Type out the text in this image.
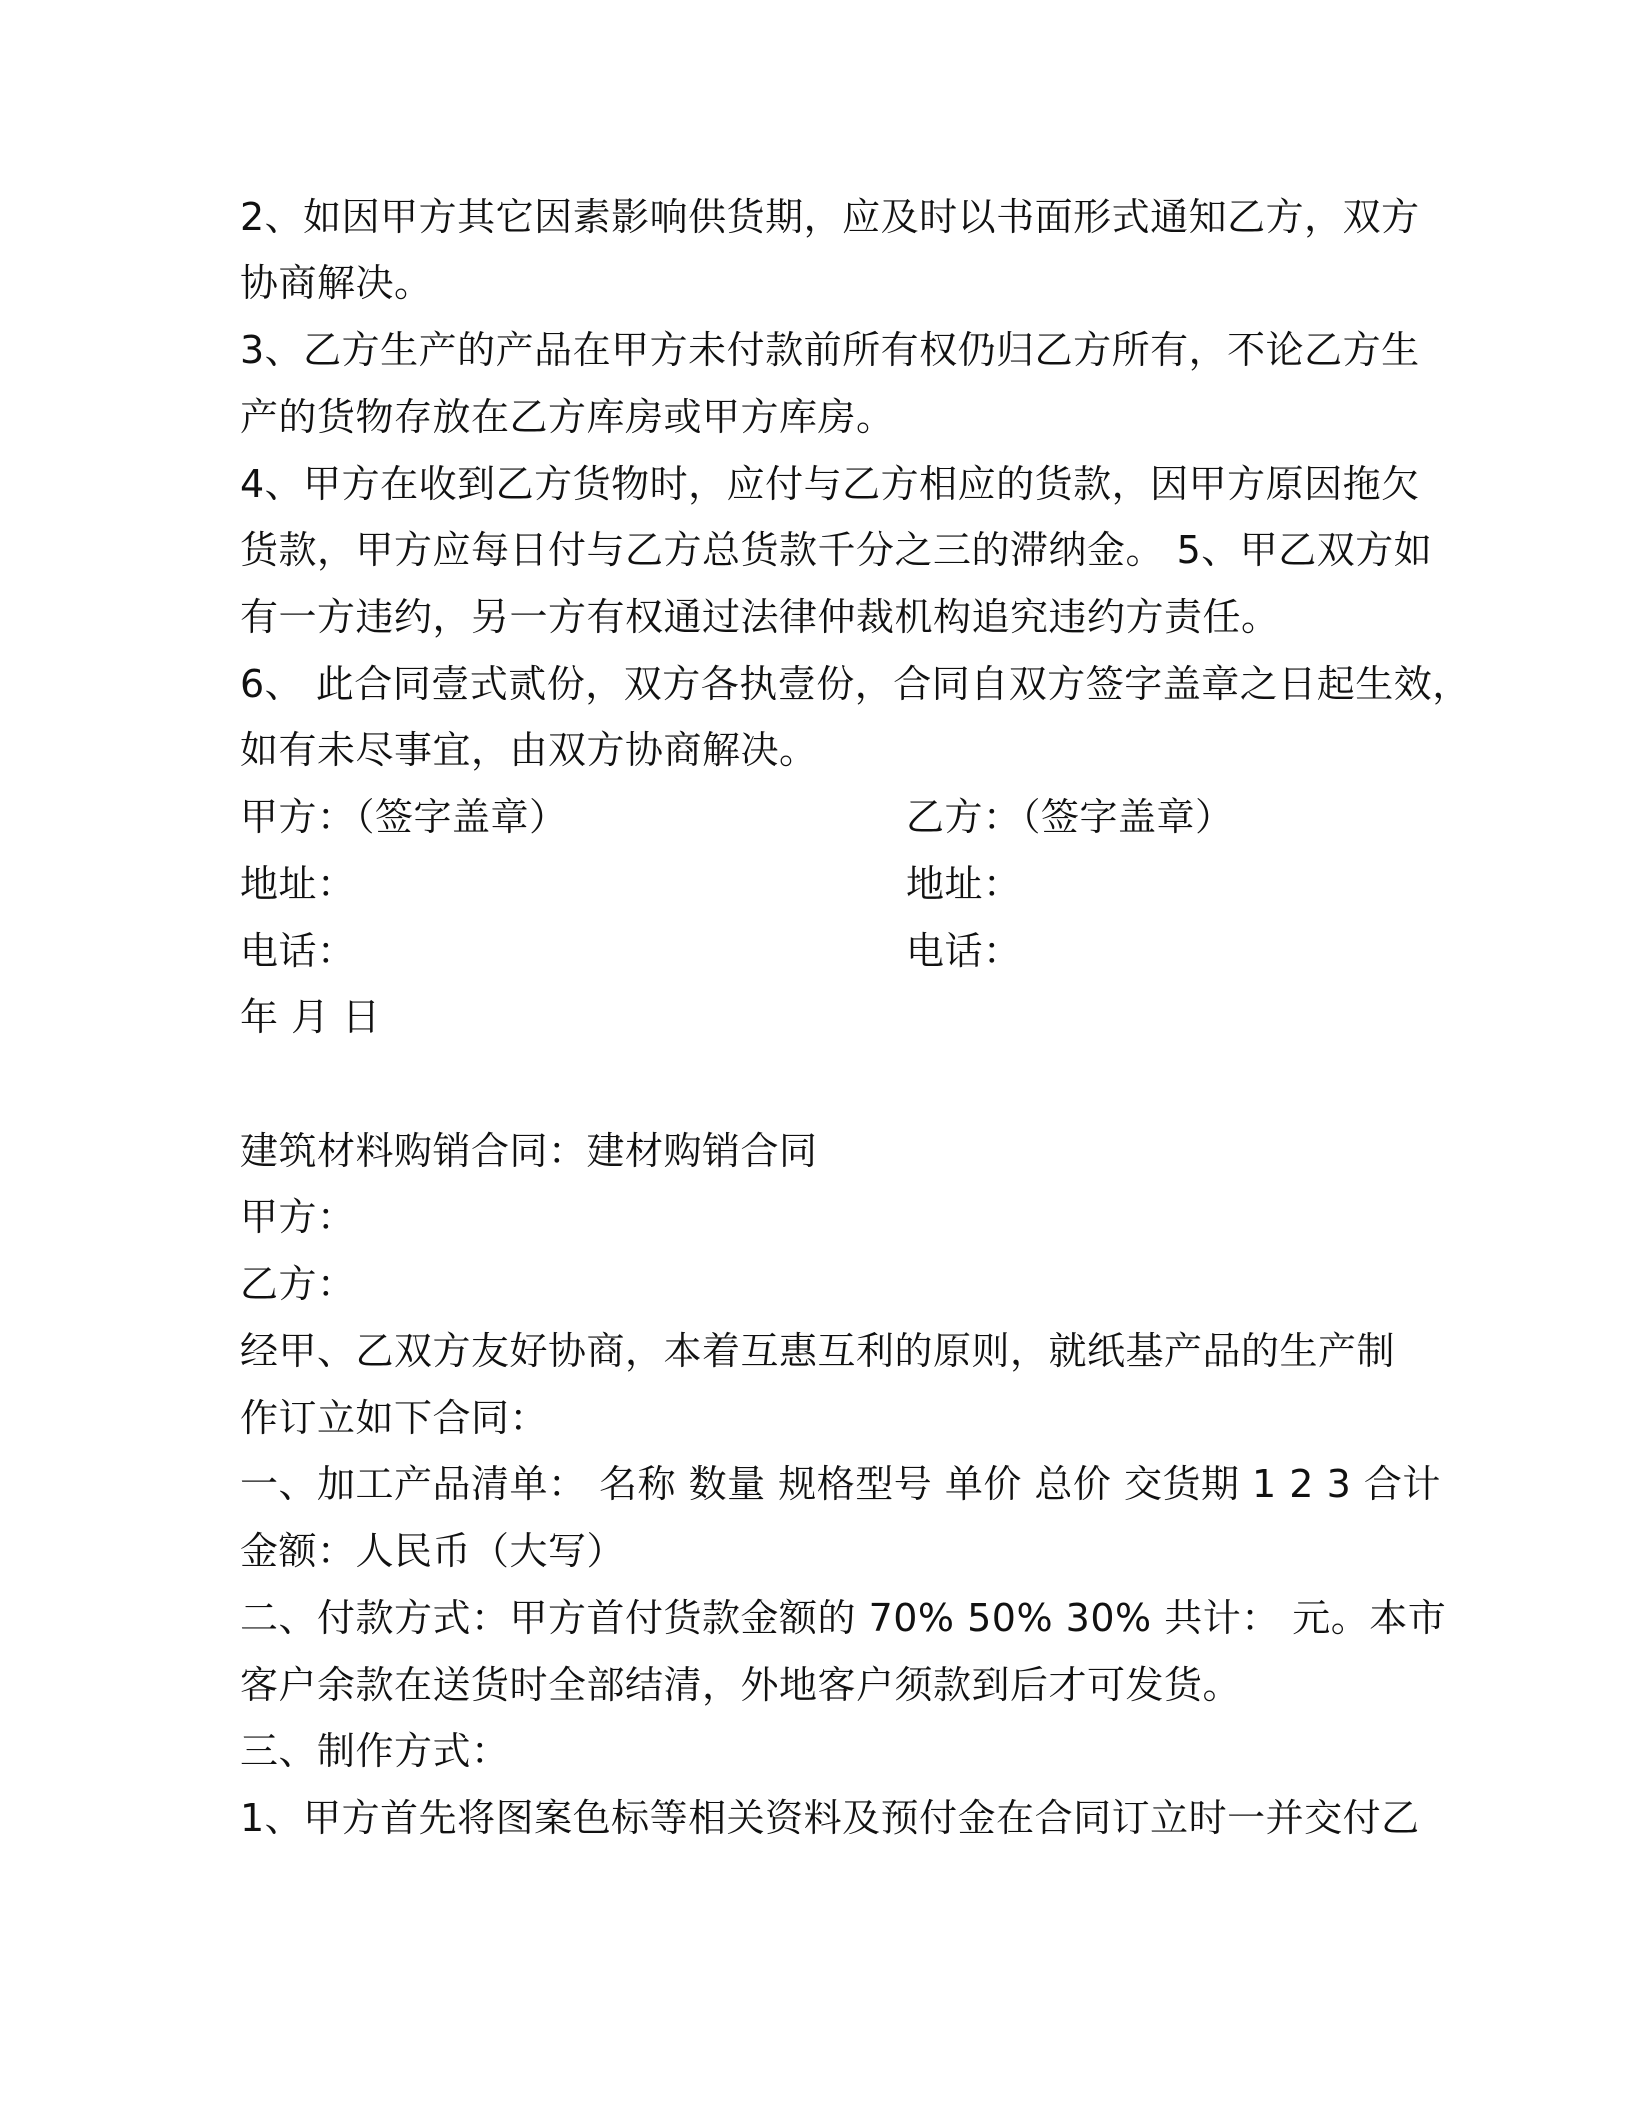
2、如因甲方其它因素影响供货期，应及时以书面形式通知乙方，双方
协商解决。
3、乙方生产的产品在甲方未付款前所有权仍归乙方所有，不论乙方生
产的货物存放在乙方库房或甲方库房。
4、甲方在收到乙方货物时，应付与乙方相应的货款，因甲方原因拖欠
货款，甲方应每日付与乙方总货款千分之三的滞纳金。 5、甲乙双方如
有一方违约，另一方有权通过法律仲裁机构追究违约方责任。
6、 此合同壹式贰份，双方各执壹份，合同自双方签字盖章之日起生效，
如有未尽事宜，由双方协商解决。
甲方：（签字盖章）	乙方：（签字盖章）
地址：	地址：
电话：	电话：
年 月 日
建筑材料购销合同：建材购销合同
甲方：
乙方：
经甲、乙双方友好协商，本着互惠互利的原则，就纸基产品的生产制
作订立如下合同：
一、加工产品清单： 名称 数量 规格型号 单价 总价 交货期 1 2 3 合计
金额：人民币（大写）
二、付款方式：甲方首付货款金额的 70% 50% 30% 共计： 元。本市
客户余款在送货时全部结清，外地客户须款到后才可发货。
三、制作方式：
1、甲方首先将图案色标等相关资料及预付金在合同订立时一并交付乙
